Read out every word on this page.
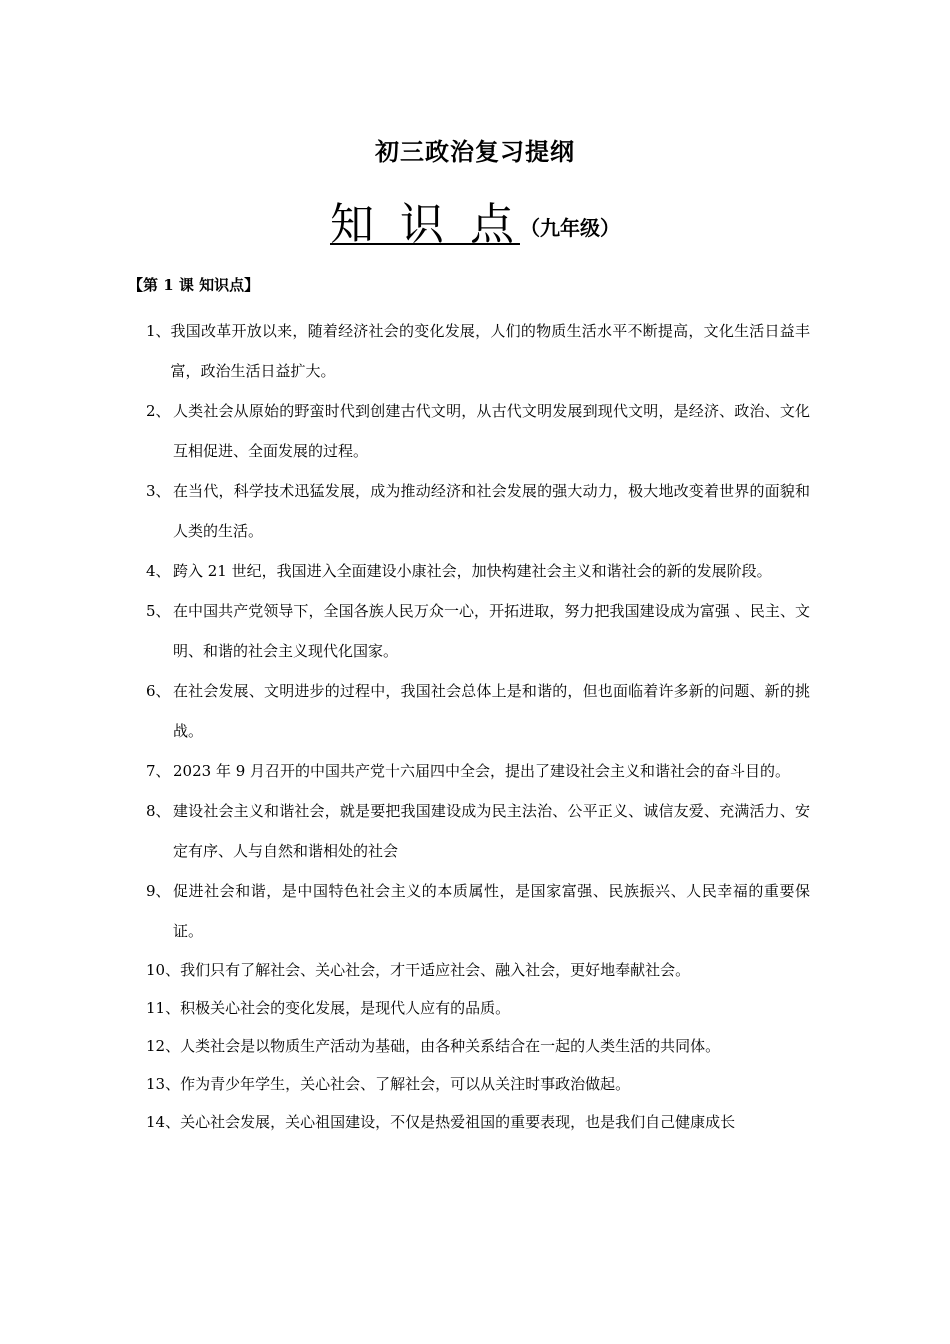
初三政治复习提纲
知 识 点（九年级）
【第 1 课 知识点】
1、 我国改革开放以来，随着经济社会的变化发展，人们的物质生活水平不断提高，文化生活日益丰富，政治生活日益扩大。
2、 人类社会从原始的野蛮时代到创建古代文明，从古代文明发展到现代文明，是经济、政治、文化互相促进、全面发展的过程。
3、 在当代，科学技术迅猛发展，成为推动经济和社会发展的强大动力，极大地改变着世界的面貌和人类的生活。
4、 跨入 21 世纪，我国进入全面建设小康社会，加快构建社会主义和谐社会的新的发展阶段。
5、 在中国共产党领导下，全国各族人民万众一心，开拓进取，努力把我国建设成为富强 、民主、文明、和谐的社会主义现代化国家。
6、 在社会发展、文明进步的过程中，我国社会总体上是和谐的，但也面临着许多新的问题、新的挑战。
7、 2023 年 9 月召开的中国共产党十六届四中全会，提出了建设社会主义和谐社会的奋斗目的。
8、 建设社会主义和谐社会，就是要把我国建设成为民主法治、公平正义、诚信友爱、充满活力、安定有序、人与自然和谐相处的社会
9、 促进社会和谐，是中国特色社会主义的本质属性，是国家富强、民族振兴、人民幸福的重要保证。
10、 我们只有了解社会、关心社会，才干适应社会、融入社会，更好地奉献社会。
11、 积极关心社会的变化发展，是现代人应有的品质。
12、 人类社会是以物质生产活动为基础，由各种关系结合在一起的人类生活的共同体。
13、 作为青少年学生，关心社会、了解社会，可以从关注时事政治做起。
14、 关心社会发展，关心祖国建设，不仅是热爱祖国的重要表现，也是我们自己健康成长
